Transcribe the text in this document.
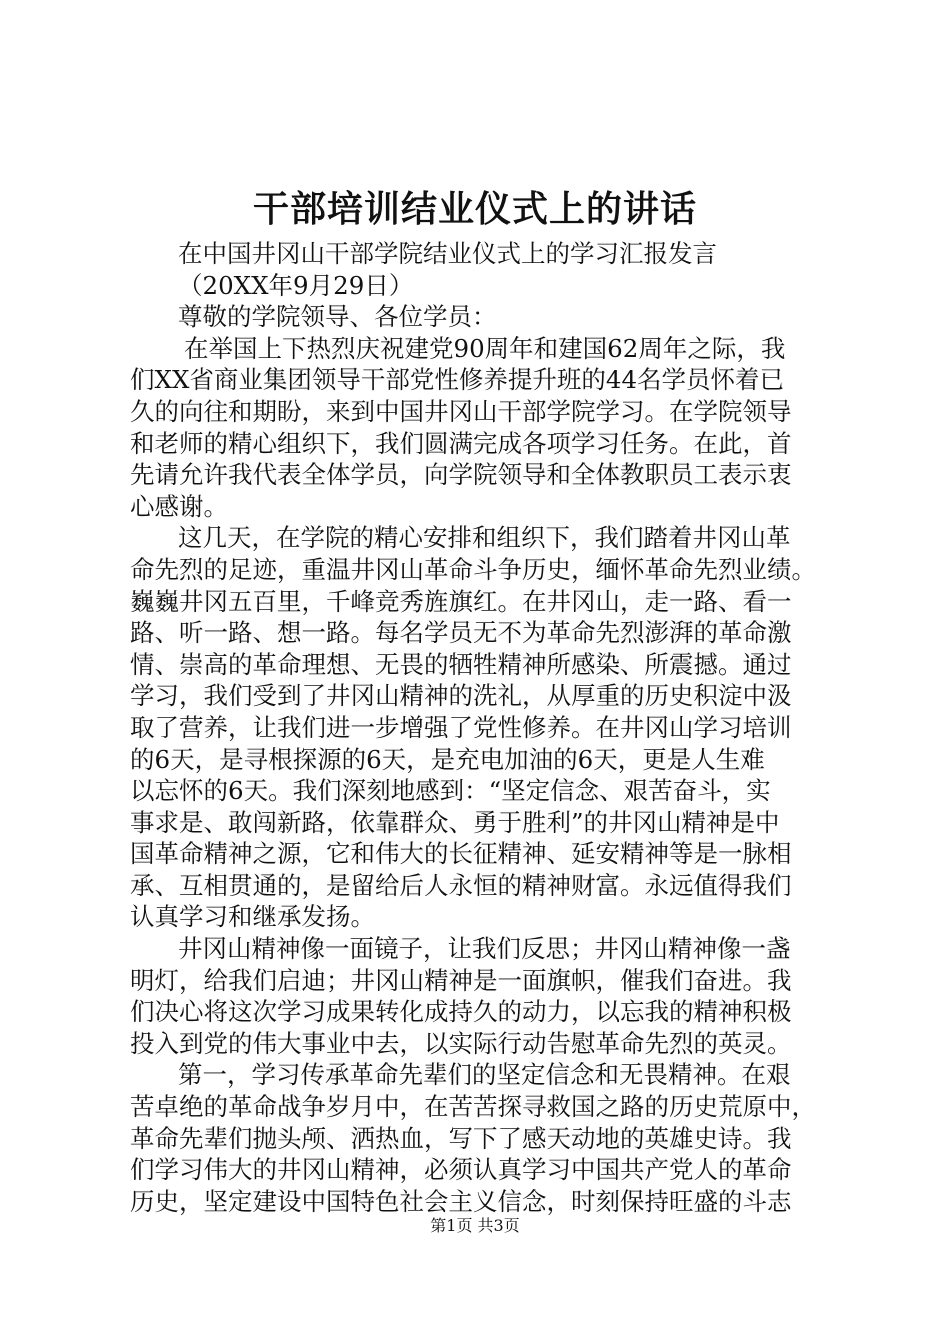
干部培训结业仪式上的讲话
在中国井冈山干部学院结业仪式上的学习汇报发言
（20XX年9月29日）
尊敬的学院领导、各位学员：
在举国上下热烈庆祝建党90周年和建国62周年之际，我
们XX省商业集团领导干部党性修养提升班的44名学员怀着已
久的向往和期盼，来到中国井冈山干部学院学习。在学院领导
和老师的精心组织下，我们圆满完成各项学习任务。在此，首
先请允许我代表全体学员，向学院领导和全体教职员工表示衷
心感谢。
这几天，在学院的精心安排和组织下，我们踏着井冈山革
命先烈的足迹，重温井冈山革命斗争历史，缅怀革命先烈业绩。
巍巍井冈五百里，千峰竞秀旌旗红。在井冈山，走一路、看一
路、听一路、想一路。每名学员无不为革命先烈澎湃的革命激
情、崇高的革命理想、无畏的牺牲精神所感染、所震撼。通过
学习，我们受到了井冈山精神的洗礼，从厚重的历史积淀中汲
取了营养，让我们进一步增强了党性修养。在井冈山学习培训
的6天，是寻根探源的6天，是充电加油的6天，更是人生难
以忘怀的6天。我们深刻地感到：“坚定信念、艰苦奋斗，实
事求是、敢闯新路，依靠群众、勇于胜利”的井冈山精神是中
国革命精神之源，它和伟大的长征精神、延安精神等是一脉相
承、互相贯通的，是留给后人永恒的精神财富。永远值得我们
认真学习和继承发扬。
井冈山精神像一面镜子，让我们反思；井冈山精神像一盏
明灯，给我们启迪；井冈山精神是一面旗帜，催我们奋进。我
们决心将这次学习成果转化成持久的动力，以忘我的精神积极
投入到党的伟大事业中去，以实际行动告慰革命先烈的英灵。
第一，学习传承革命先辈们的坚定信念和无畏精神。在艰
苦卓绝的革命战争岁月中，在苦苦探寻救国之路的历史荒原中，
革命先辈们抛头颅、洒热血，写下了感天动地的英雄史诗。我
们学习伟大的井冈山精神，必须认真学习中国共产党人的革命
历史，坚定建设中国特色社会主义信念，时刻保持旺盛的斗志
第1页 共3页
